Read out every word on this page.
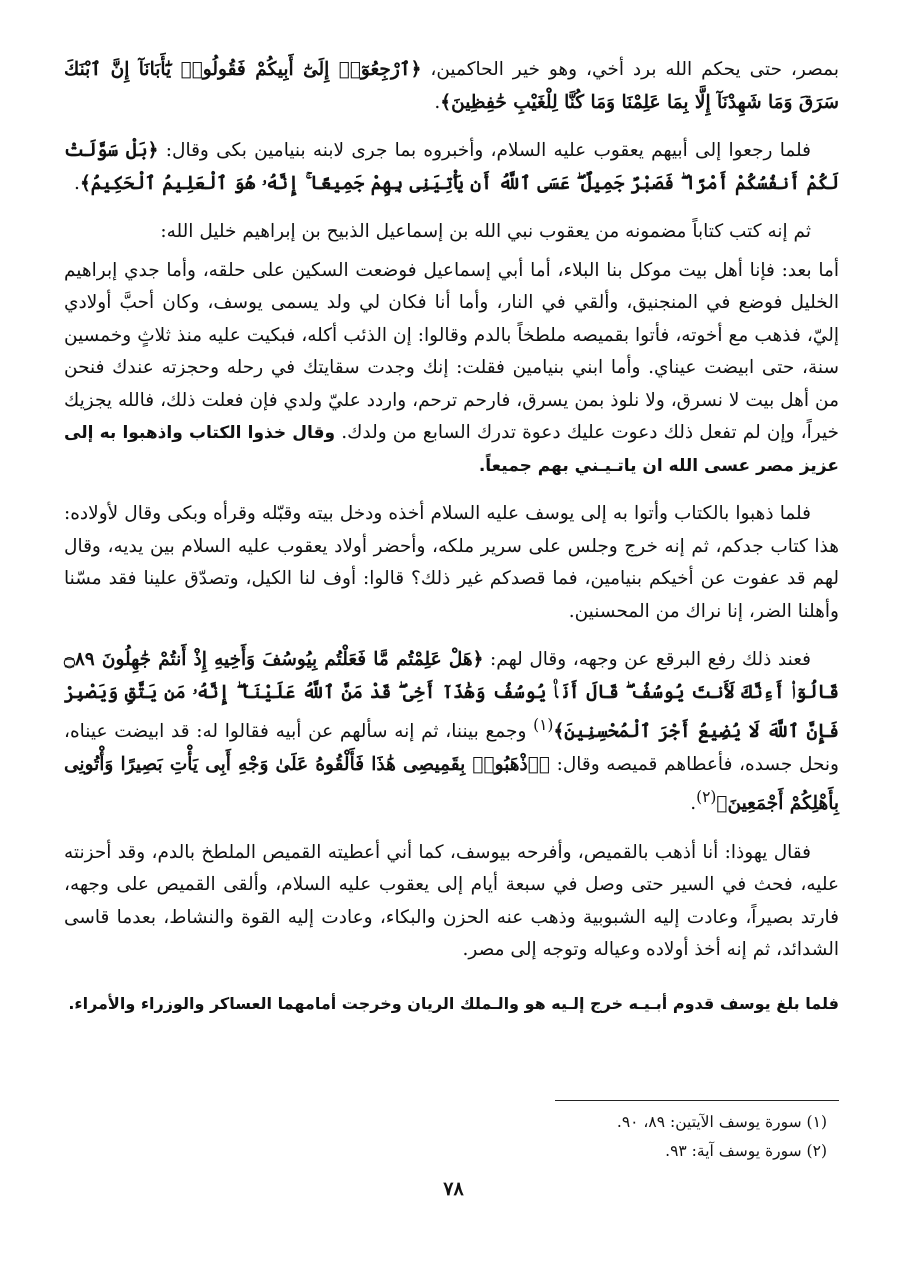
بمصر، حتى يحكم الله برد أخي، وهو خير الحاكمين، ﴿ٱرْجِعُوٓا۟ إِلَىٰٓ أَبِيكُمْ فَقُولُوا۟ يَٰٓأَبَانَآ إِنَّ ٱبْنَكَ سَرَقَ وَمَا شَهِدْنَآ إِلَّا بِمَا عَلِمْنَا وَمَا كُنَّا لِلْغَيْبِ حَٰفِظِينَ﴾.

فلما رجعوا إلى أبيهم يعقوب عليه السلام، وأخبروه بما جرى لابنه بنيامين بكى وقال: ﴿بَلْ سَوَّلَتْ لَكُمْ أَنفُسُكُمْ أَمْرًا ۖ فَصَبْرٌ جَمِيلٌ ۖ عَسَى ٱللَّهُ أَن يَأْتِيَنِى بِهِمْ جَمِيعًا ۚ إِنَّهُۥ هُوَ ٱلْعَلِيمُ ٱلْحَكِيمُ﴾.

ثم إنه كتب كتاباً مضمونه من يعقوب نبي الله بن إسماعيل الذبيح بن إبراهيم خليل الله:

أما بعد: فإنا أهل بيت موكل بنا البلاء، أما أبي إسماعيل فوضعت السكين على حلقه، وأما جدي إبراهيم الخليل فوضع في المنجنيق، وألقي في النار، وأما أنا فكان لي ولد يسمى يوسف، وكان أحبَّ أولادي إليّ، فذهب مع أخوته، فأتوا بقميصه ملطخاً بالدم وقالوا: إن الذئب أكله، فبكيت عليه منذ ثلاثٍ وخمسين سنة، حتى ابيضت عيناي. وأما ابني بنيامين فقلت: إنك وجدت سقايتك في رحله وحجزته عندك فنحن من أهل بيت لا نسرق، ولا نلوذ بمن يسرق، فارحم ترحم، واردد عليّ ولدي فإن فعلت ذلك، فالله يجزيك خيراً، وإن لم تفعل ذلك دعوت عليك دعوة تدرك السابع من ولدك. وقال خذوا الكتاب واذهبوا به إلى عزيز مصر عسى الله ان ياتـيـني بهم جميعاً.

فلما ذهبوا بالكتاب وأتوا به إلى يوسف عليه السلام أخذه ودخل بيته وقبّله وقرأه وبكى وقال لأولاده: هذا كتاب جدكم، ثم إنه خرج وجلس على سرير ملكه، وأحضر أولاد يعقوب عليه السلام بين يديه، وقال لهم قد عفوت عن أخيكم بنيامين، فما قصدكم غير ذلك؟ قالوا: أوف لنا الكيل، وتصدّق علينا فقد مسّنا وأهلنا الضر، إنا نراك من المحسنين.

فعند ذلك رفع البرقع عن وجهه، وقال لهم: ﴿هَلْ عَلِمْتُم مَّا فَعَلْتُم بِيُوسُفَ وَأَخِيهِ إِذْ أَنتُمْ جَٰهِلُونَ ۝٨٩ قَالُوٓا۟ أَءِنَّكَ لَأَنتَ يُوسُفُ ۖ قَالَ أَنَا۠ يُوسُفُ وَهَٰذَآ أَخِى ۖ قَدْ مَنَّ ٱللَّهُ عَلَيْنَآ ۖ إِنَّهُۥ مَن يَتَّقِ وَيَصْبِرْ فَإِنَّ ٱللَّهَ لَا يُضِيعُ أَجْرَ ٱلْمُحْسِنِينَ﴾$^{(١)}$ وجمع بيننا، ثم إنه سألهم عن أبيه فقالوا له: قد ابيضت عيناه، ونحل جسده، فأعطاهم قميصه وقال: ﴿ٱذْهَبُوا۟ بِقَمِيصِى هَٰذَا فَأَلْقُوهُ عَلَىٰ وَجْهِ أَبِى يَأْتِ بَصِيرًا وَأْتُونِى بِأَهْلِكُمْ أَجْمَعِينَ﴾$^{(٢)}$.

فقال يهوذا: أنا أذهب بالقميص، وأفرحه بيوسف، كما أني أعطيته القميص الملطخ بالدم، وقد أحزنته عليه، فحث في السير حتى وصل في سبعة أيام إلى يعقوب عليه السلام، وألقى القميص على وجهه، فارتد بصيراً، وعادت إليه الشبوبية وذهب عنه الحزن والبكاء، وعادت إليه القوة والنشاط، بعدما قاسى الشدائد، ثم إنه أخذ أولاده وعياله وتوجه إلى مصر.

فلما بلغ يوسف قدوم أبـيـه خرج إلـيه هو والـملك الريان وخرجت أمامهما العساكر والوزراء والأمراء.

(١) سورة يوسف الآيتين: ٨٩، ٩٠.
(٢) سورة يوسف آية: ٩٣.
٧٨
